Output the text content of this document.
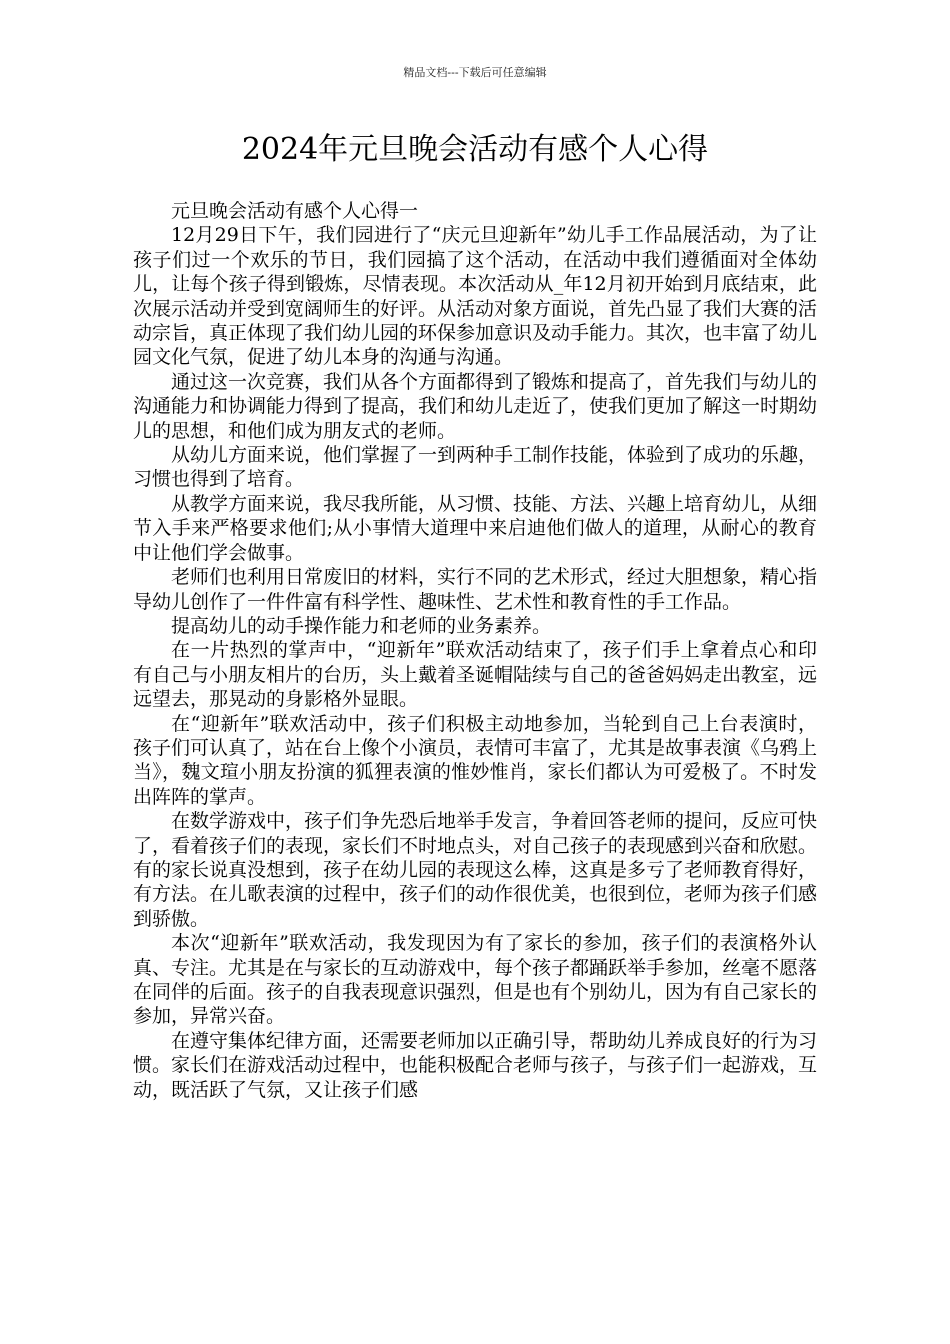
精品文档---下载后可任意编辑
2024年元旦晚会活动有感个人心得

元旦晚会活动有感个人心得一

12月29日下午，我们园进行了“庆元旦迎新年”幼儿手工作品展活动，为了让孩子们过一个欢乐的节日，我们园搞了这个活动，在活动中我们遵循面对全体幼儿，让每个孩子得到锻炼，尽情表现。本次活动从_年12月初开始到月底结束，此次展示活动并受到宽阔师生的好评。从活动对象方面说，首先凸显了我们大赛的活动宗旨，真正体现了我们幼儿园的环保参加意识及动手能力。其次，也丰富了幼儿园文化气氛，促进了幼儿本身的沟通与沟通。

通过这一次竞赛，我们从各个方面都得到了锻炼和提高了，首先我们与幼儿的沟通能力和协调能力得到了提高，我们和幼儿走近了，使我们更加了解这一时期幼儿的思想，和他们成为朋友式的老师。

从幼儿方面来说，他们掌握了一到两种手工制作技能，体验到了成功的乐趣，习惯也得到了培育。

从教学方面来说，我尽我所能，从习惯、技能、方法、兴趣上培育幼儿，从细节入手来严格要求他们;从小事情大道理中来启迪他们做人的道理，从耐心的教育中让他们学会做事。

老师们也利用日常废旧的材料，实行不同的艺术形式，经过大胆想象，精心指导幼儿创作了一件件富有科学性、趣味性、艺术性和教育性的手工作品。

提高幼儿的动手操作能力和老师的业务素养。

在一片热烈的掌声中，“迎新年”联欢活动结束了，孩子们手上拿着点心和印有自己与小朋友相片的台历，头上戴着圣诞帽陆续与自己的爸爸妈妈走出教室，远远望去，那晃动的身影格外显眼。

在“迎新年”联欢活动中，孩子们积极主动地参加，当轮到自己上台表演时，孩子们可认真了，站在台上像个小演员，表情可丰富了，尤其是故事表演《乌鸦上当》，魏文瑄小朋友扮演的狐狸表演的惟妙惟肖，家长们都认为可爱极了。不时发出阵阵的掌声。

在数学游戏中，孩子们争先恐后地举手发言，争着回答老师的提问，反应可快了，看着孩子们的表现，家长们不时地点头，对自己孩子的表现感到兴奋和欣慰。有的家长说真没想到，孩子在幼儿园的表现这么棒，这真是多亏了老师教育得好，有方法。在儿歌表演的过程中，孩子们的动作很优美，也很到位，老师为孩子们感到骄傲。

本次“迎新年”联欢活动，我发现因为有了家长的参加，孩子们的表演格外认真、专注。尤其是在与家长的互动游戏中，每个孩子都踊跃举手参加，丝毫不愿落在同伴的后面。孩子的自我表现意识强烈，但是也有个别幼儿，因为有自己家长的参加，异常兴奋。

在遵守集体纪律方面，还需要老师加以正确引导，帮助幼儿养成良好的行为习惯。家长们在游戏活动过程中，也能积极配合老师与孩子，与孩子们一起游戏，互动，既活跃了气氛，又让孩子们感
